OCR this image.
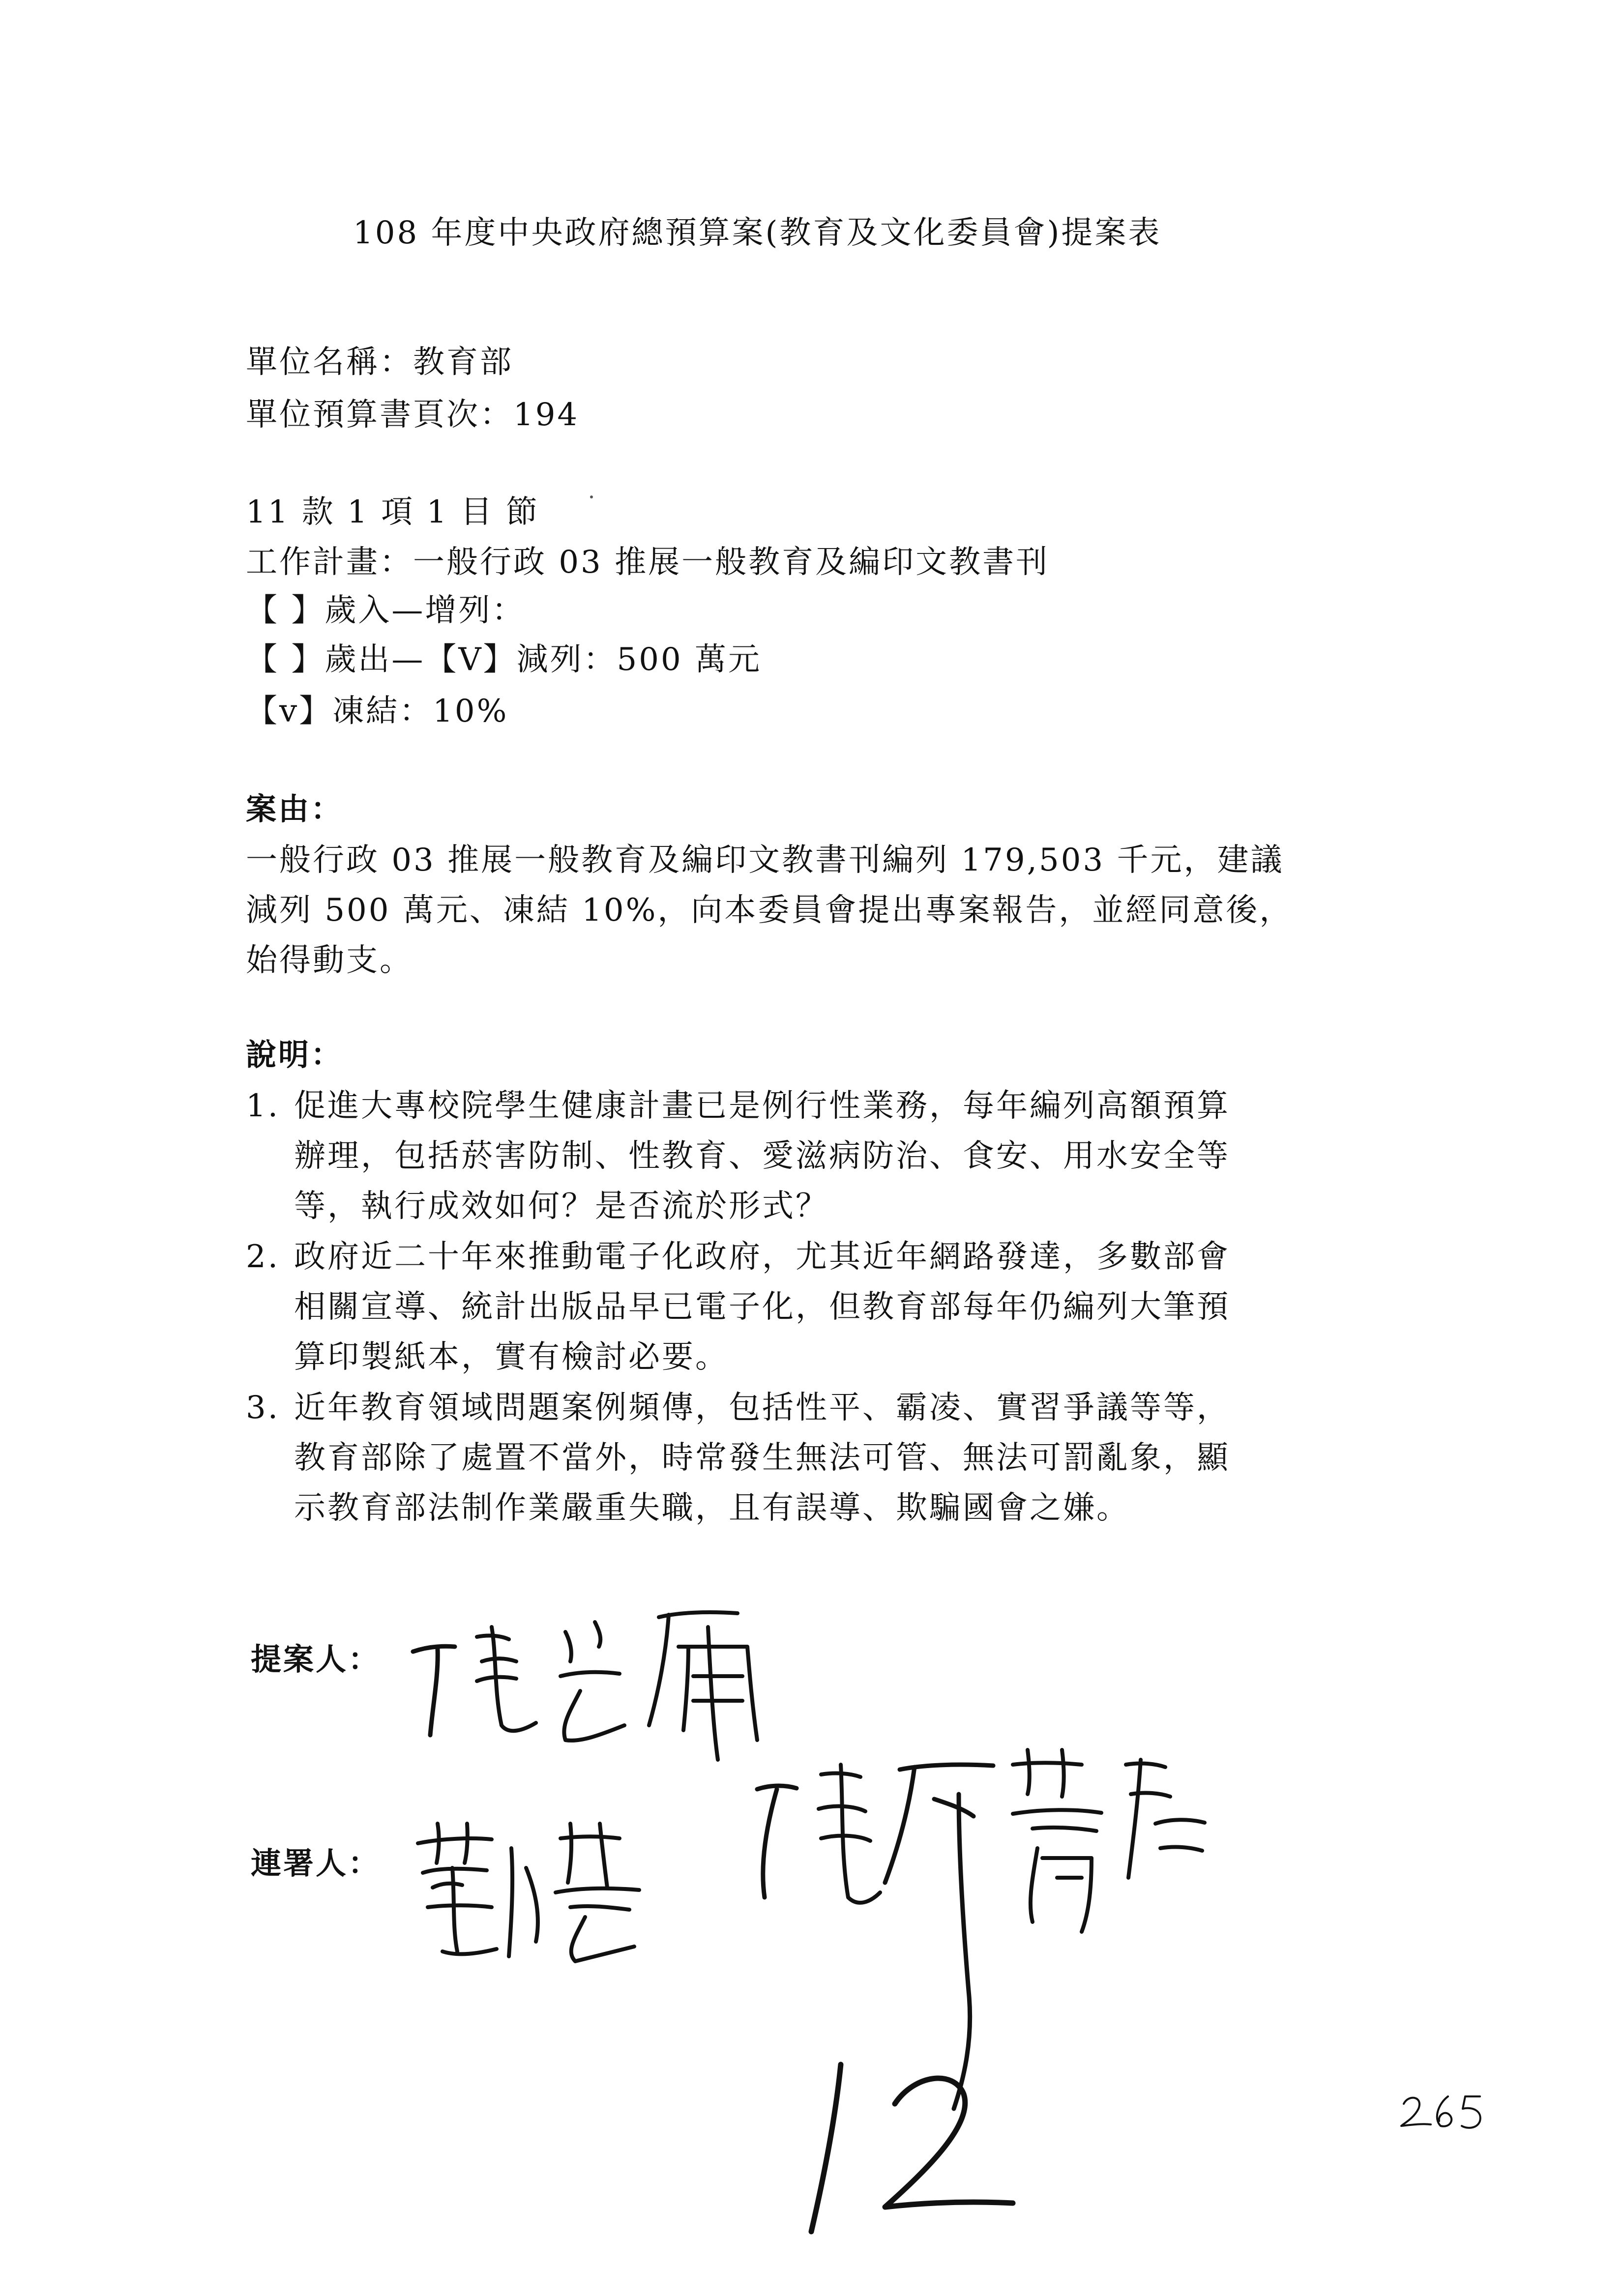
108 年度中央政府總預算案(教育及文化委員會)提案表
單位名稱：教育部
單位預算書頁次：194
11 款 1 項 1 目 節
工作計畫：一般行政 03 推展一般教育及編印文教書刊
【 】歲入—增列：
【 】歲出—【V】減列：500 萬元
【v】凍結：10%
案由：
一般行政 03 推展一般教育及編印文教書刊編列 179,503 千元，建議
減列 500 萬元、凍結 10%，向本委員會提出專案報告，並經同意後，
始得動支。
說明：
1. 促進大專校院學生健康計畫已是例行性業務，每年編列高額預算
辦理，包括菸害防制、性教育、愛滋病防治、食安、用水安全等
等，執行成效如何？是否流於形式？
2. 政府近二十年來推動電子化政府，尤其近年網路發達，多數部會
相關宣導、統計出版品早已電子化，但教育部每年仍編列大筆預
算印製紙本，實有檢討必要。
3. 近年教育領域問題案例頻傳，包括性平、霸凌、實習爭議等等，
教育部除了處置不當外，時常發生無法可管、無法可罰亂象，顯
示教育部法制作業嚴重失職，且有誤導、欺騙國會之嫌。
提案人：
連署人：
